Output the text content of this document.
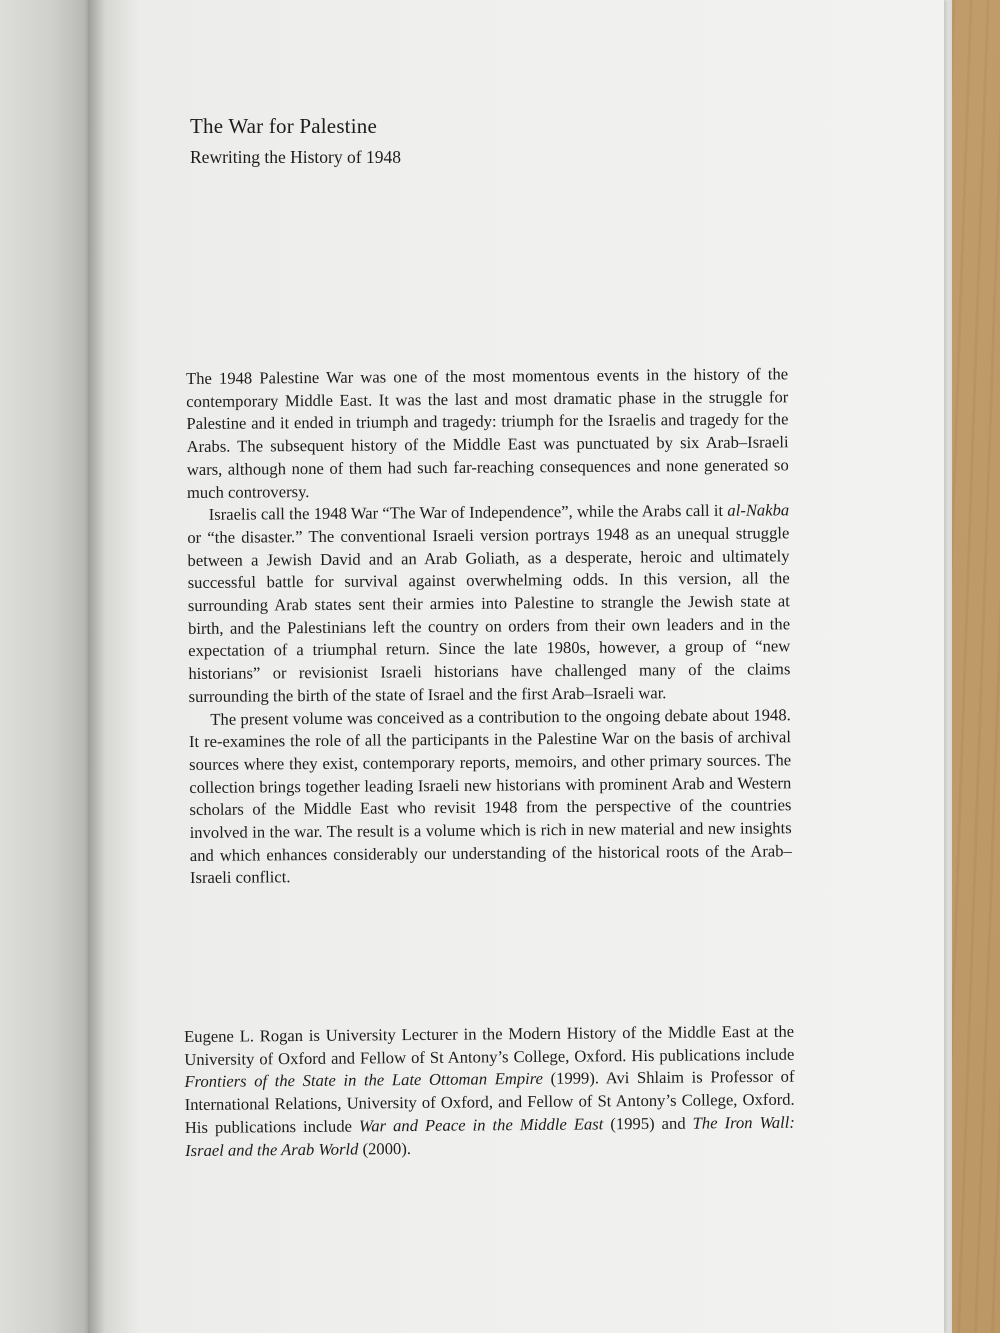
The War for Palestine
Rewriting the History of 1948

The 1948 Palestine War was one of the most momentous events in the history of the contemporary Middle East. It was the last and most dramatic phase in the struggle for Palestine and it ended in triumph and tragedy: triumph for the Israelis and tragedy for the Arabs. The subsequent history of the Middle East was punctuated by six Arab–Israeli wars, although none of them had such far-reaching consequences and none generated so much controversy.

Israelis call the 1948 War “The War of Independence”, while the Arabs call it al-Nakba or “the disaster.” The conventional Israeli version portrays 1948 as an unequal struggle between a Jewish David and an Arab Goliath, as a desperate, heroic and ultimately successful battle for survival against overwhelming odds. In this version, all the surrounding Arab states sent their armies into Palestine to strangle the Jewish state at birth, and the Palestinians left the country on orders from their own leaders and in the expectation of a triumphal return. Since the late 1980s, however, a group of “new historians” or revisionist Israeli historians have challenged many of the claims surrounding the birth of the state of Israel and the first Arab–Israeli war.

The present volume was conceived as a contribution to the ongoing debate about 1948. It re-examines the role of all the participants in the Palestine War on the basis of archival sources where they exist, contemporary reports, memoirs, and other primary sources. The collection brings together leading Israeli new historians with prominent Arab and Western scholars of the Middle East who revisit 1948 from the perspective of the countries involved in the war. The result is a volume which is rich in new material and new insights and which enhances considerably our understanding of the historical roots of the Arab–Israeli conflict.

Eugene L. Rogan is University Lecturer in the Modern History of the Middle East at the University of Oxford and Fellow of St Antony’s College, Oxford. His publications include Frontiers of the State in the Late Ottoman Empire (1999). Avi Shlaim is Professor of International Relations, University of Oxford, and Fellow of St Antony’s College, Oxford. His publications include War and Peace in the Middle East (1995) and The Iron Wall: Israel and the Arab World (2000).
